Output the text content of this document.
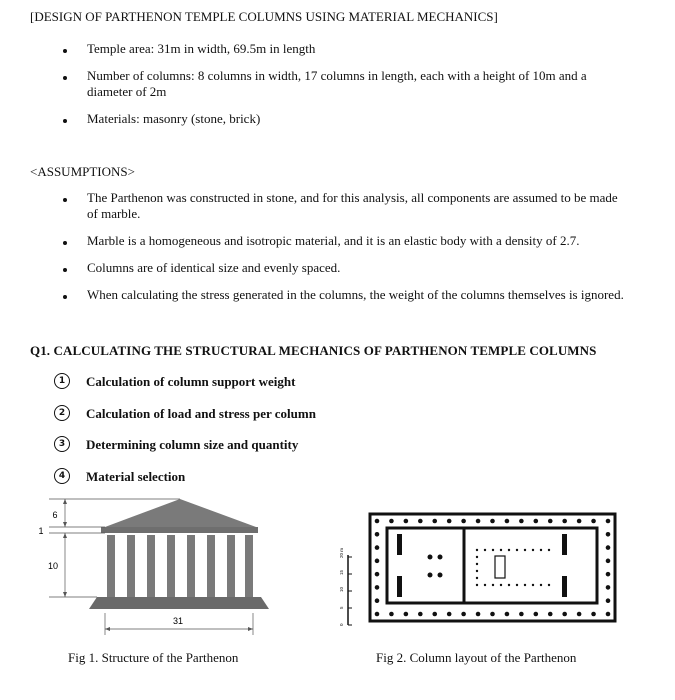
[DESIGN OF PARTHENON TEMPLE COLUMNS USING MATERIAL MECHANICS]
Temple area: 31m in width, 69.5m in length
Number of columns: 8 columns in width, 17 columns in length, each with a height of 10m and a
diameter of 2m
Materials: masonry (stone, brick)
<ASSUMPTIONS>
The Parthenon was constructed in stone, and for this analysis, all components are assumed to be made
of marble.
Marble is a homogeneous and isotropic material, and it is an elastic body with a density of 2.7.
Columns are of identical size and evenly spaced.
When calculating the stress generated in the columns, the weight of the columns themselves is ignored.
Q1. CALCULATING THE STRUCTURAL MECHANICS OF PARTHENON TEMPLE COLUMNS
1	Calculation of column support weight
2	Calculation of load and stress per column
3	Determining column size and quantity
4	Material selection
6
1
10
31
Fig 1. Structure of the Parthenon
0
5
10
15
20 m
Fig 2. Column layout of the Parthenon
